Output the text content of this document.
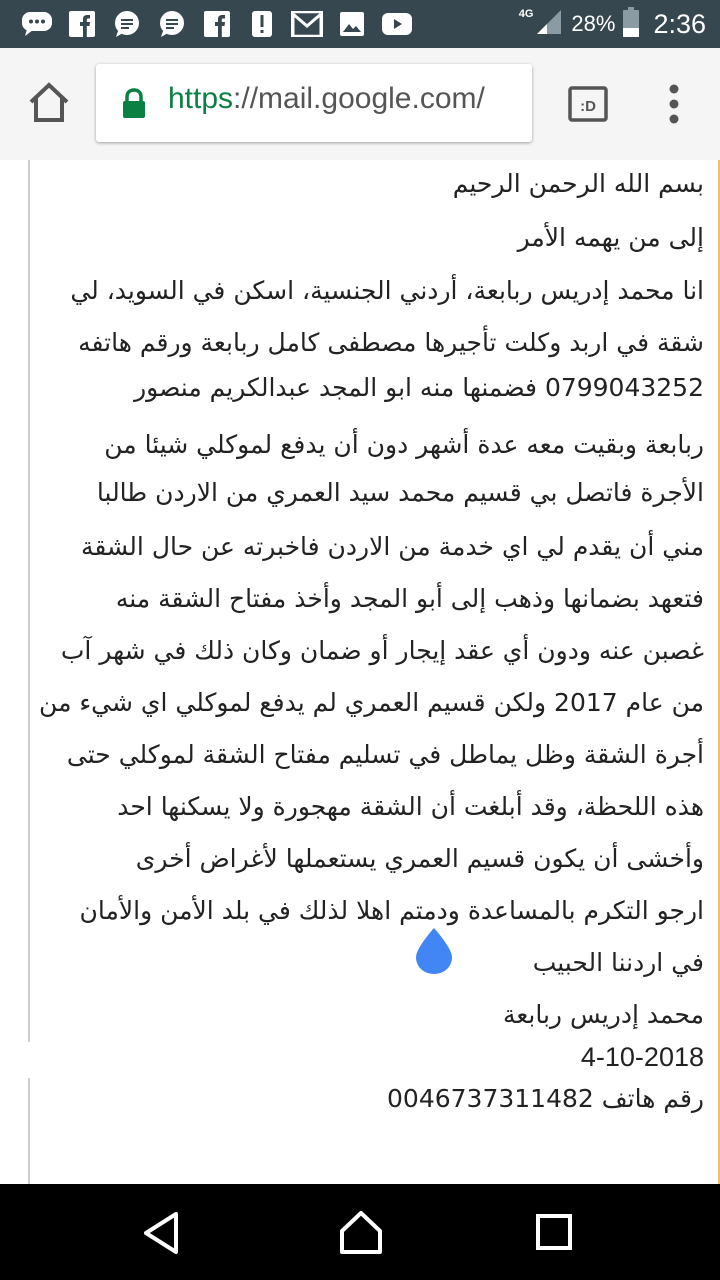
4G 28% 2:36
https://mail.google.com/	:D
بسم الله الرحمن الرحيم
إلى من يهمه الأمر
انا محمد إدريس ربابعة، أردني الجنسية، اسكن في السويد، لي
شقة في اربد وكلت تأجيرها مصطفى كامل ربابعة ورقم هاتفه
0799043252 فضمنها منه ابو المجد عبدالكريم منصور
ربابعة وبقيت معه عدة أشهر دون أن يدفع لموكلي شيئا من
الأجرة فاتصل بي قسيم محمد سيد العمري من الاردن طالبا
مني أن يقدم لي اي خدمة من الاردن فاخبرته عن حال الشقة
فتعهد بضمانها وذهب إلى أبو المجد وأخذ مفتاح الشقة منه
غصبن عنه ودون أي عقد إيجار أو ضمان وكان ذلك في شهر آب
من عام 2017 ولكن قسيم العمري لم يدفع لموكلي اي شيء من
أجرة الشقة وظل يماطل في تسليم مفتاح الشقة لموكلي حتى
هذه اللحظة، وقد أبلغت أن الشقة مهجورة ولا يسكنها احد
وأخشى أن يكون قسيم العمري يستعملها لأغراض أخرى
ارجو التكرم بالمساعدة ودمتم اهلا لذلك في بلد الأمن والأمان
في اردننا الحبيب
محمد إدريس ربابعة
4-10-2018
رقم هاتف 0046737311482
